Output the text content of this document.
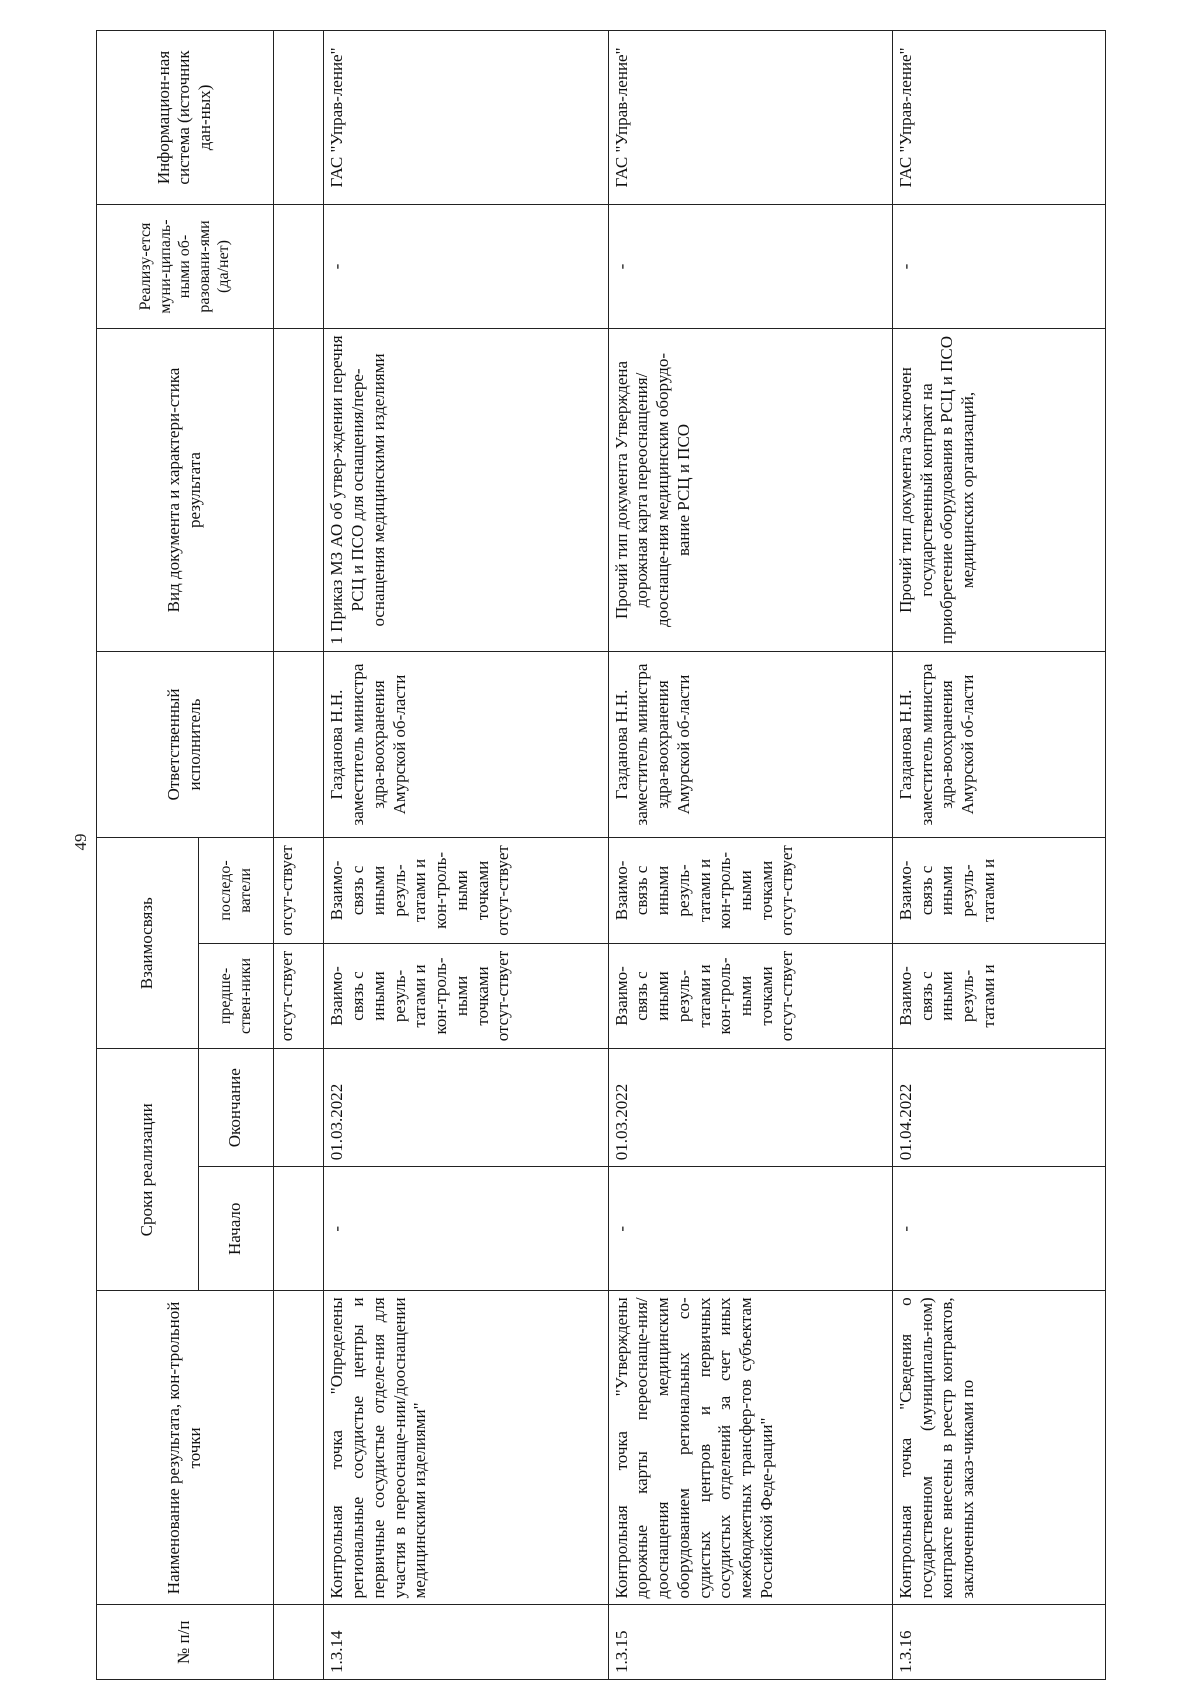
49
№ п/п	Наименование результата, кон-трольной точки	Сроки реализации		Взаимосвязь		Ответственный исполнитель	Вид документа и характери-стика результата	Реализу-ется муни-ципаль-ными об-разовани-ями (да/нет)	Информацион-ная система (источник дан-ных)
		Начало	Окончание	предше-ствен-ники	последо-ватели				
				отсут-ствует	отсут-ствует				
1.3.14	Контрольная точка "Определены региональные сосудистые центры и первичные сосудистые отделе-ния для участия в переоснаще-нии/дооснащении медицинскими изделиями"	-	01.03.2022	Взаимо-связь с иными резуль-татами и кон-троль-ными точками отсут-ствует	Взаимо-связь с иными резуль-татами и кон-троль-ными точками отсут-ствует	Газданова Н.Н. заместитель министра здра-воохранения Амурской об-ласти	1 Приказ МЗ АО об утвер-ждении перечня РСЦ и ПСО для оснащения/пере-оснащения медицинскими изделиями	-	ГАС "Управ-ление"
1.3.15	Контрольная точка "Утверждены дорожные карты переоснаще-ния/дооснащения медицинским оборудованием региональных со-судистых центров и первичных сосудистых отделений за счет иных межбюджетных трансфер-тов субъектам Российской Феде-рации"	-	01.03.2022	Взаимо-связь с иными резуль-татами и кон-троль-ными точками отсут-ствует	Взаимо-связь с иными резуль-татами и кон-троль-ными точками отсут-ствует	Газданова Н.Н. заместитель министра здра-воохранения Амурской об-ласти	Прочий тип документа Утверждена дорожная карта переоснащения/дооснаще-ния медицинским оборудо-вание РСЦ и ПСО	-	ГАС "Управ-ление"
1.3.16	Контрольная точка "Сведения о государственном (муниципаль-ном) контракте внесены в реестр контрактов, заключенных заказ-чиками по	-	01.04.2022	Взаимо-связь с иными резуль-татами и	Взаимо-связь с иными резуль-татами и	Газданова Н.Н. заместитель министра здра-воохранения Амурской об-ласти	Прочий тип документа За-ключен государственный контракт на приобретение оборудования в РСЦ и ПСО медицинских организаций,	-	ГАС "Управ-ление"
